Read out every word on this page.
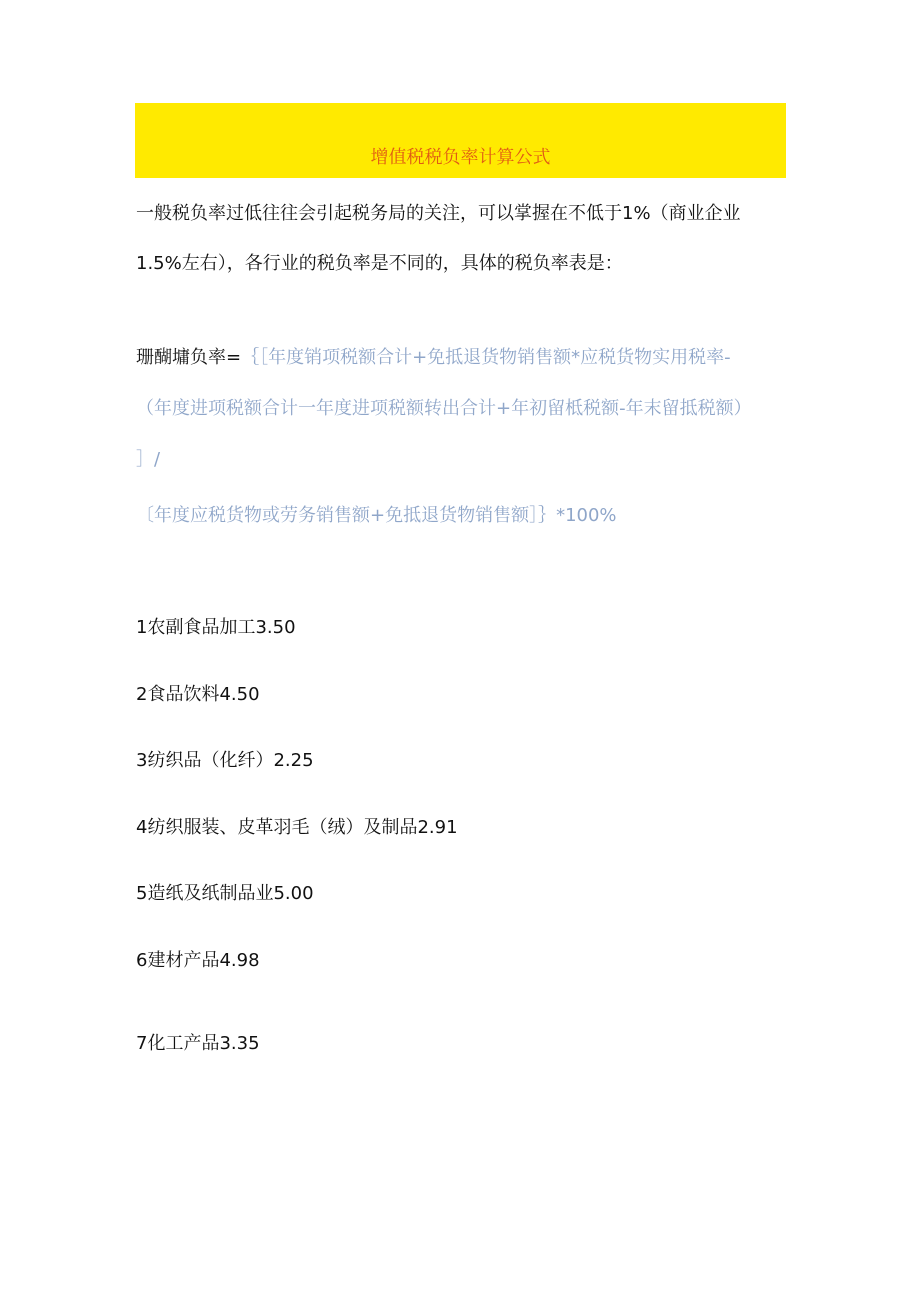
增值税税负率计算公式
一般税负率过低往往会引起税务局的关注，可以掌握在不低于1%（商业企业
1.5%左右），各行业的税负率是不同的，具体的税负率表是：
珊醐墉负率=｛［年度销项税额合计+免抵退货物销售额*应税货物实用税率-
（年度进项税额合计一年度进项税额转出合计+年初留柢税额-年末留抵税额）
］/
〔年度应税货物或劳务销售额+免抵退货物销售额］｝*100%
1农副食品加工3.50
2食品饮料4.50
3纺织品（化纤）2.25
4纺织服装、皮革羽毛（绒）及制品2.91
5造纸及纸制品业5.00
6建材产品4.98
7化工产品3.35
